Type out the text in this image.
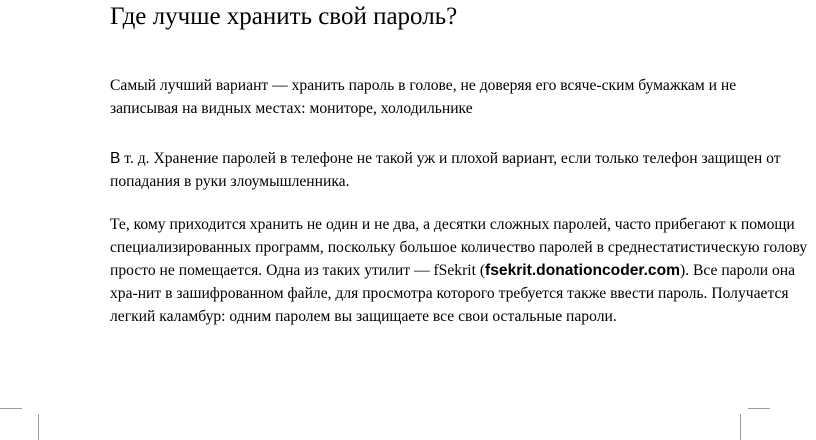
Где лучше хранить свой пароль?

Самый лучший вариант — хранить пароль в голове, не доверяя его всяче-ским бумажкам и не
записывая на видных местах: мониторе, холодильнике

В т. д. Хранение паролей в телефоне не такой уж и плохой вариант, если только телефон защищен от
попадания в руки злоумышленника.

Те, кому приходится хранить не один и не два, а десятки сложных паролей, часто прибегают к помощи
специализированных программ, поскольку большое количество паролей в среднестатистическую голову
просто не помещается. Одна из таких утилит — fSekrit (fsekrit.donationcoder.com). Все пароли она
хра-нит в зашифрованном файле, для просмотра которого требуется также ввести пароль. Получается
легкий каламбур: одним паролем вы защищаете все свои остальные пароли.
